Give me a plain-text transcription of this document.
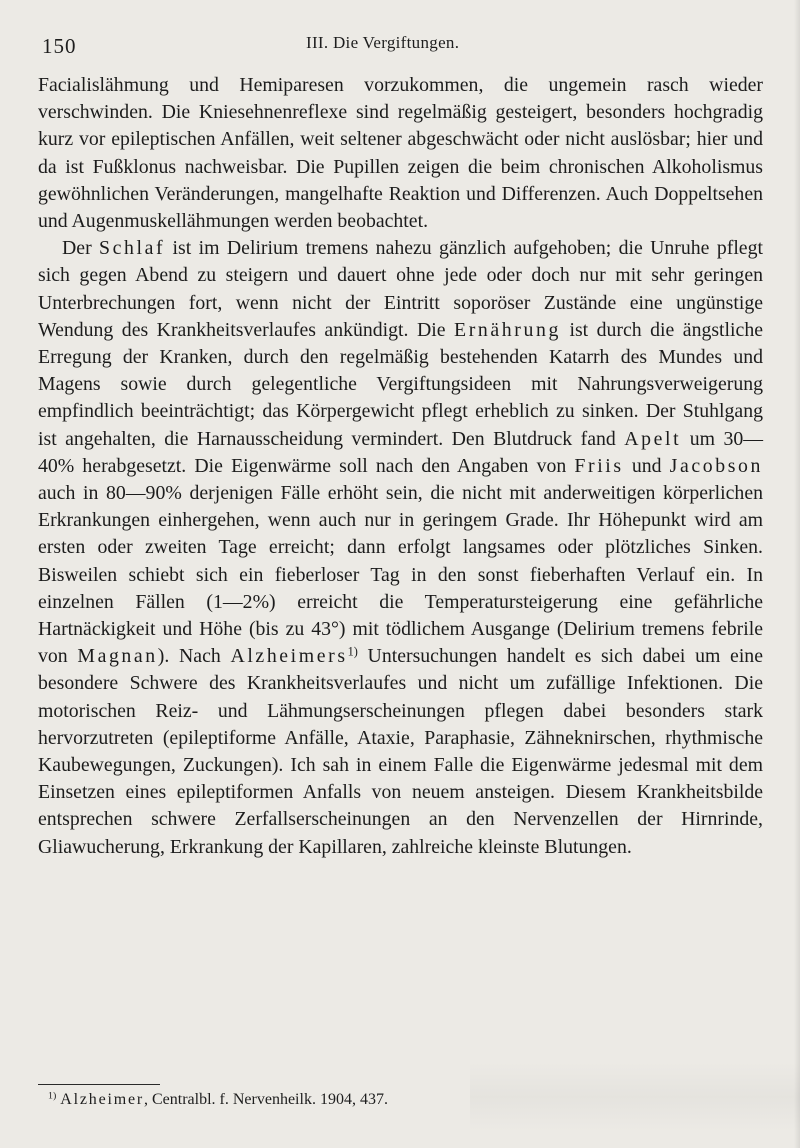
150	III. Die Vergiftungen.

Facialislähmung und Hemiparesen vorzukommen, die ungemein rasch wieder verschwinden. Die Kniesehnenreflexe sind regelmäßig gesteigert, besonders hochgradig kurz vor epileptischen Anfällen, weit seltener abgeschwächt oder nicht auslösbar; hier und da ist Fußklonus nachweisbar. Die Pupillen zeigen die beim chronischen Alkoholismus gewöhnlichen Veränderungen, mangelhafte Reaktion und Differenzen. Auch Doppeltsehen und Augenmuskellähmungen werden beobachtet.

Der Schlaf ist im Delirium tremens nahezu gänzlich aufgehoben; die Unruhe pflegt sich gegen Abend zu steigern und dauert ohne jede oder doch nur mit sehr geringen Unterbrechungen fort, wenn nicht der Eintritt soporöser Zustände eine ungünstige Wendung des Krankheitsverlaufes ankündigt. Die Ernährung ist durch die ängstliche Erregung der Kranken, durch den regelmäßig bestehenden Katarrh des Mundes und Magens sowie durch gelegentliche Vergiftungsideen mit Nahrungsverweigerung empfindlich beeinträchtigt; das Körpergewicht pflegt erheblich zu sinken. Der Stuhlgang ist angehalten, die Harnausscheidung vermindert. Den Blutdruck fand Apelt um 30—40% herabgesetzt. Die Eigenwärme soll nach den Angaben von Friis und Jacobson auch in 80—90% derjenigen Fälle erhöht sein, die nicht mit anderweitigen körperlichen Erkrankungen einhergehen, wenn auch nur in geringem Grade. Ihr Höhepunkt wird am ersten oder zweiten Tage erreicht; dann erfolgt langsames oder plötzliches Sinken. Bisweilen schiebt sich ein fieberloser Tag in den sonst fieberhaften Verlauf ein. In einzelnen Fällen (1—2%) erreicht die Temperatursteigerung eine gefährliche Hartnäckigkeit und Höhe (bis zu 43°) mit tödlichem Ausgange (Delirium tremens febrile von Magnan). Nach Alzheimers$^{1)}$ Untersuchungen handelt es sich dabei um eine besondere Schwere des Krankheitsverlaufes und nicht um zufällige Infektionen. Die motorischen Reiz- und Lähmungserscheinungen pflegen dabei besonders stark hervorzutreten (epileptiforme Anfälle, Ataxie, Paraphasie, Zähneknirschen, rhythmische Kaubewegungen, Zuckungen). Ich sah in einem Falle die Eigenwärme jedesmal mit dem Einsetzen eines epileptiformen Anfalls von neuem ansteigen. Diesem Krankheitsbilde entsprechen schwere Zerfallserscheinungen an den Nervenzellen der Hirnrinde, Gliawucherung, Erkrankung der Kapillaren, zahlreiche kleinste Blutungen.

$^{1)}$ Alzheimer, Centralbl. f. Nervenheilk. 1904, 437.
